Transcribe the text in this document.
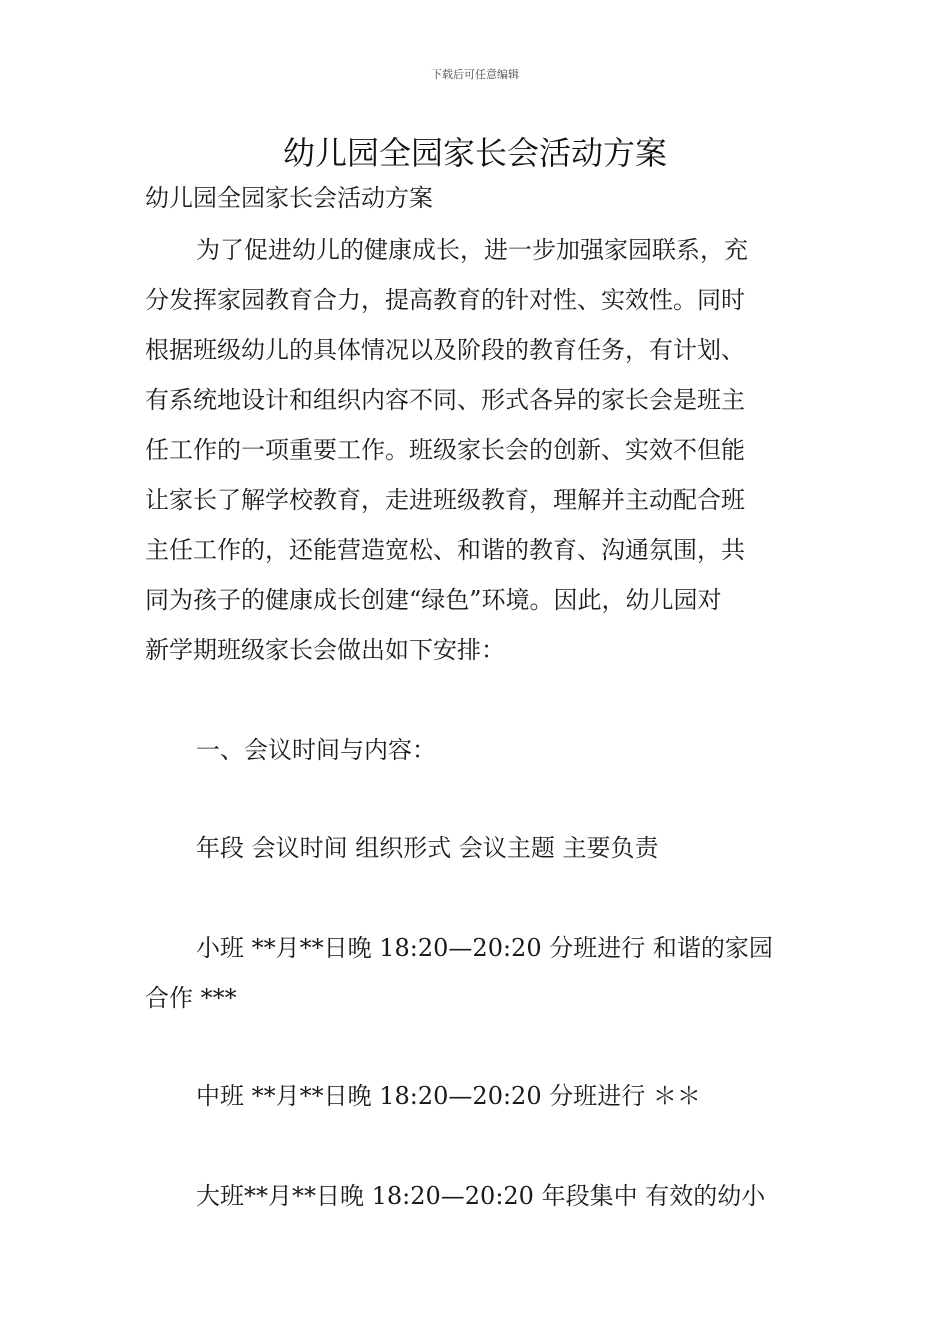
下载后可任意编辑
幼儿园全园家长会活动方案
幼儿园全园家长会活动方案
为了促进幼儿的健康成长，进一步加强家园联系，充
分发挥家园教育合力，提高教育的针对性、实效性。同时
根据班级幼儿的具体情况以及阶段的教育任务，有计划、
有系统地设计和组织内容不同、形式各异的家长会是班主
任工作的一项重要工作。班级家长会的创新、实效不但能
让家长了解学校教育，走进班级教育，理解并主动配合班
主任工作的，还能营造宽松、和谐的教育、沟通氛围，共
同为孩子的健康成长创建“绿色”环境。因此，幼儿园对
新学期班级家长会做出如下安排：
一、会议时间与内容：
年段 会议时间 组织形式 会议主题 主要负责
小班 **月**日晚 18:20—20:20 分班进行 和谐的家园
合作 ***
中班 **月**日晚 18:20—20:20 分班进行 ＊＊
大班**月**日晚 18:20—20:20 年段集中 有效的幼小
